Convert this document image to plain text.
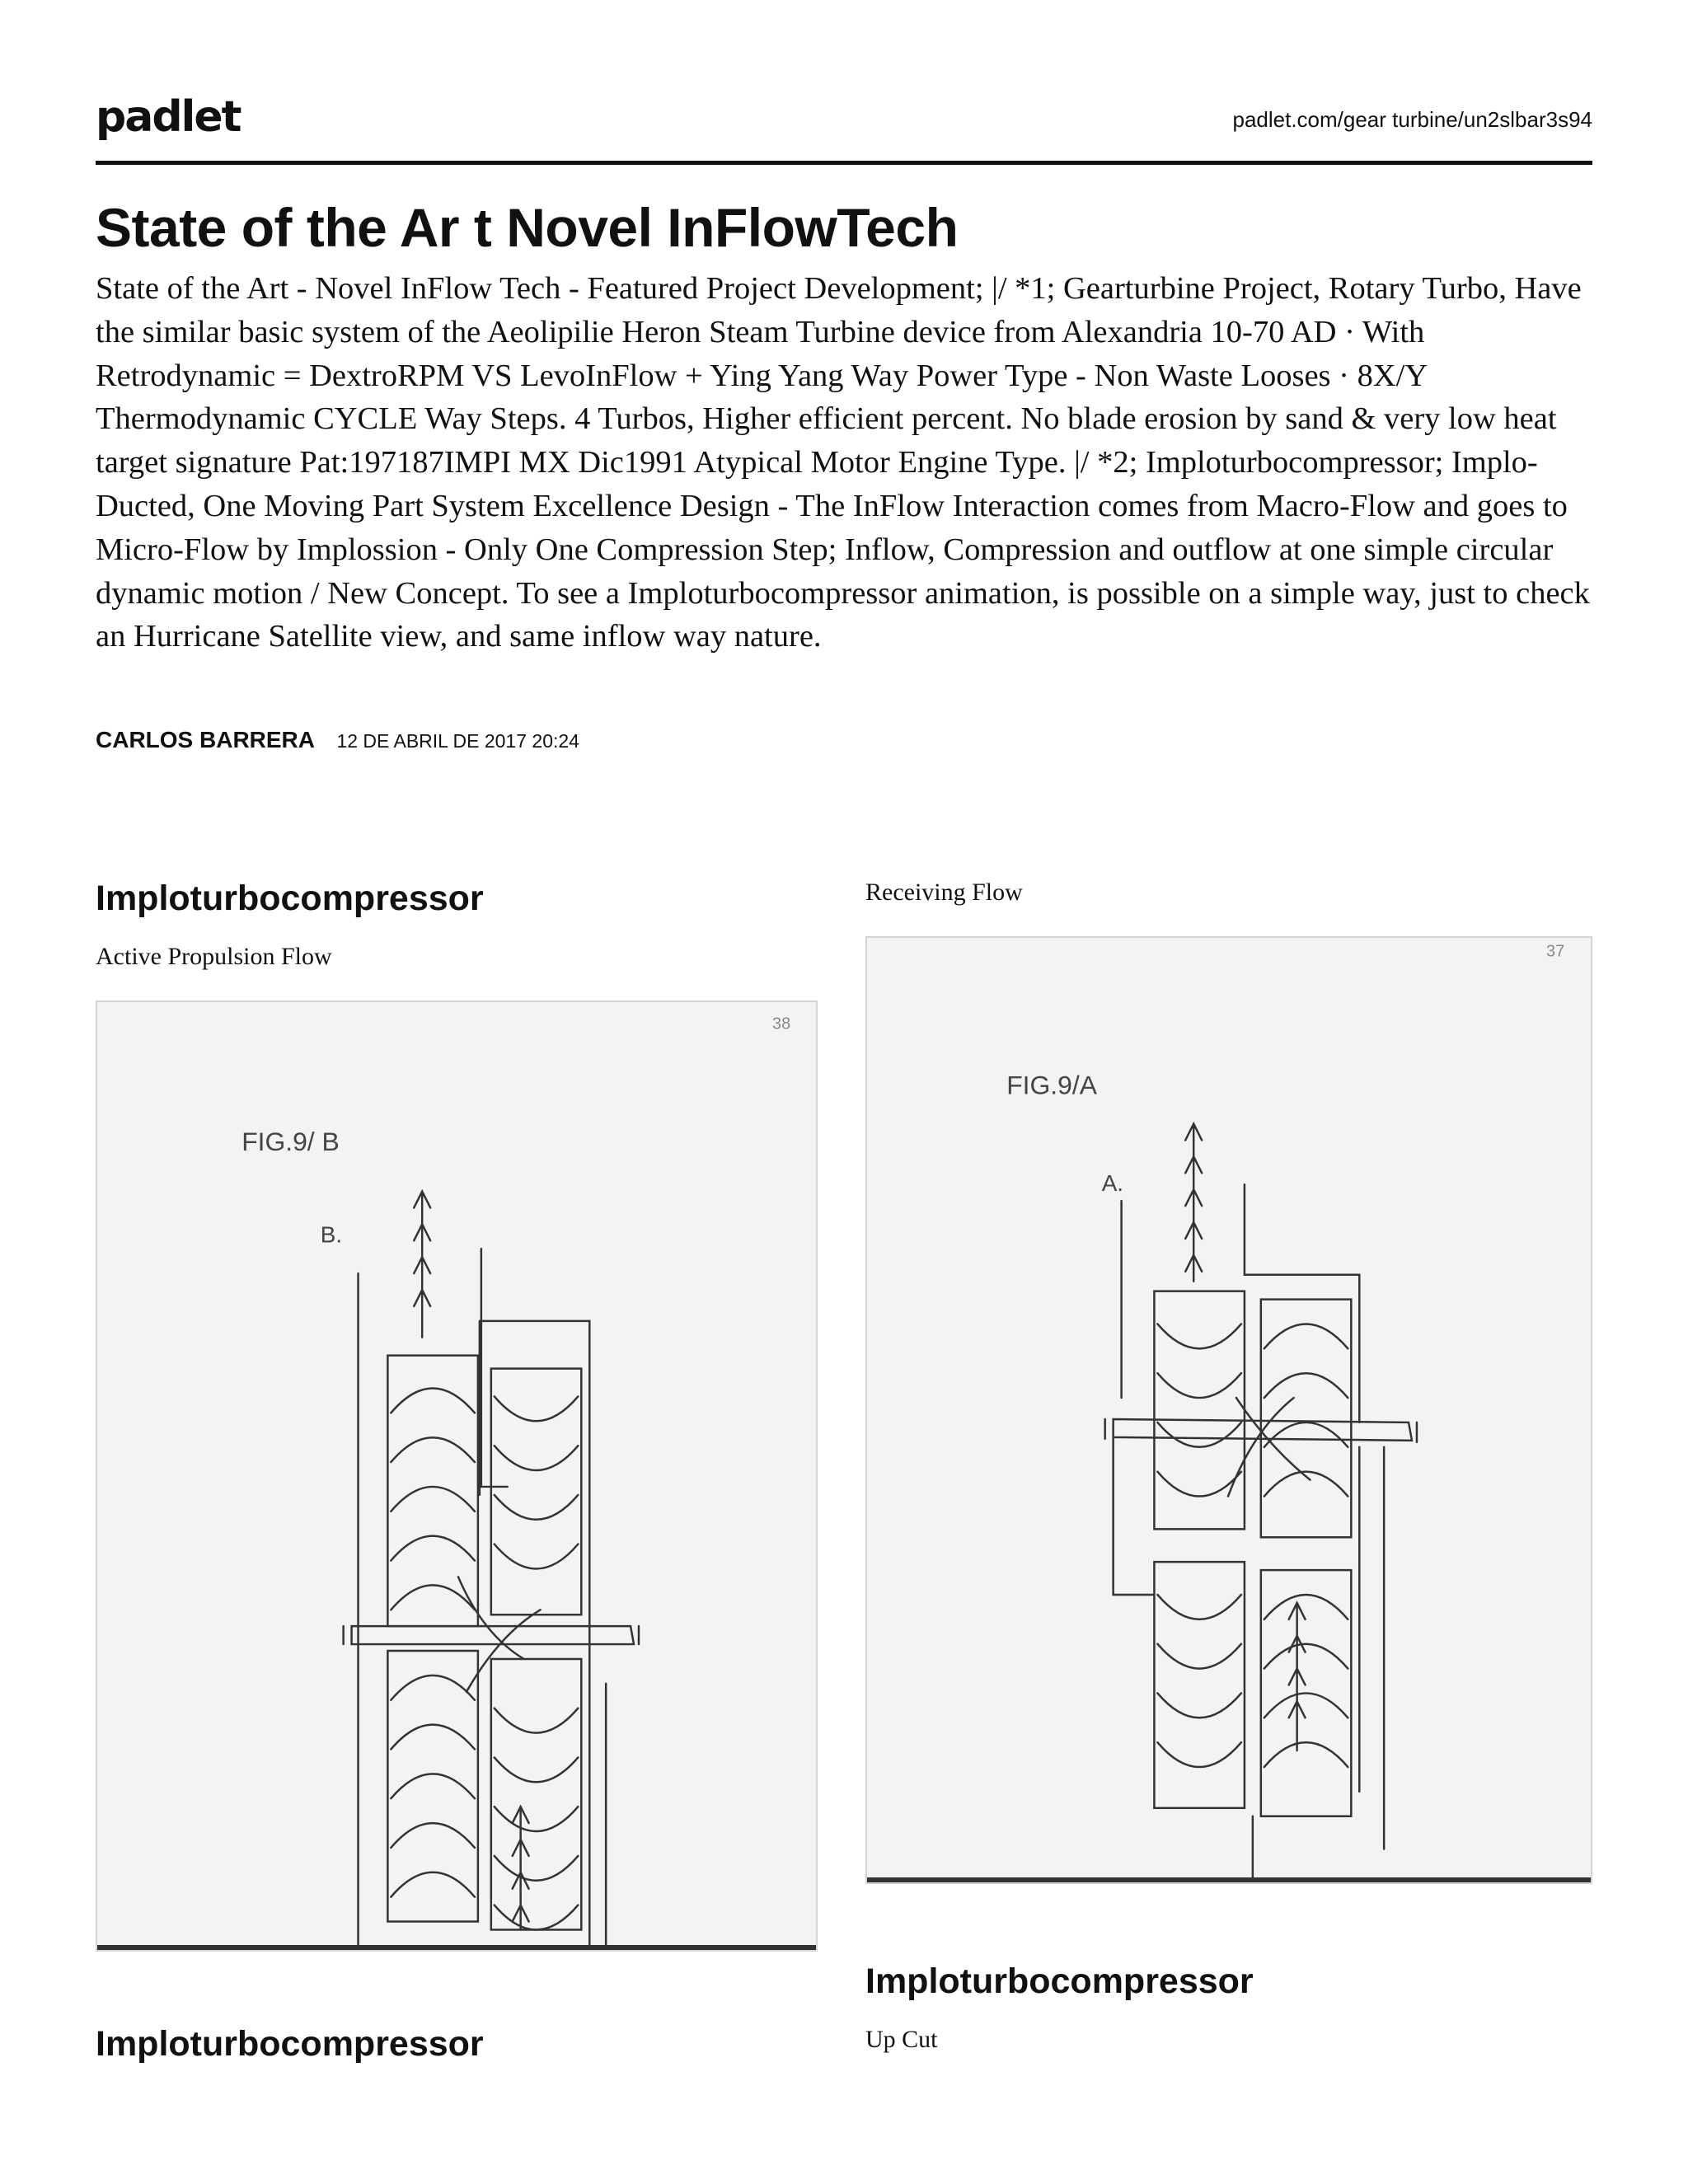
padlet	padlet.com/gear turbine/un2slbar3s94
State of the Ar t Novel InFlowTech

State of the Art - Novel InFlow Tech - Featured Project Development; |/ *1; Gearturbine Project, Rotary Turbo, Have the similar basic system of the Aeolipilie Heron Steam Turbine device from Alexandria 10-70 AD · With Retrodynamic = DextroRPM VS LevoInFlow + Ying Yang Way Power Type - Non Waste Looses · 8X/Y Thermodynamic CYCLE Way Steps. 4 Turbos, Higher efficient percent. No blade erosion by sand & very low heat target signature Pat:197187IMPI MX Dic1991 Atypical Motor Engine Type. |/ *2; Imploturbocompressor; Implo-Ducted, One Moving Part System Excellence Design - The InFlow Interaction comes from Macro-Flow and goes to Micro-Flow by Implossion - Only One Compression Step; Inflow, Compression and outflow at one simple circular dynamic motion / New Concept. To see a Imploturbocompressor animation, is possible on a simple way, just to check an Hurricane Satellite view, and same inflow way nature.

CARLOS BARRERA 12 DE ABRIL DE 2017 20:24
Imploturbocompressor
Active Propulsion Flow
38
FIG.9/ B
B.
Imploturbocompressor
Receiving Flow
37
FIG.9/A
A.
Imploturbocompressor
Up Cut
